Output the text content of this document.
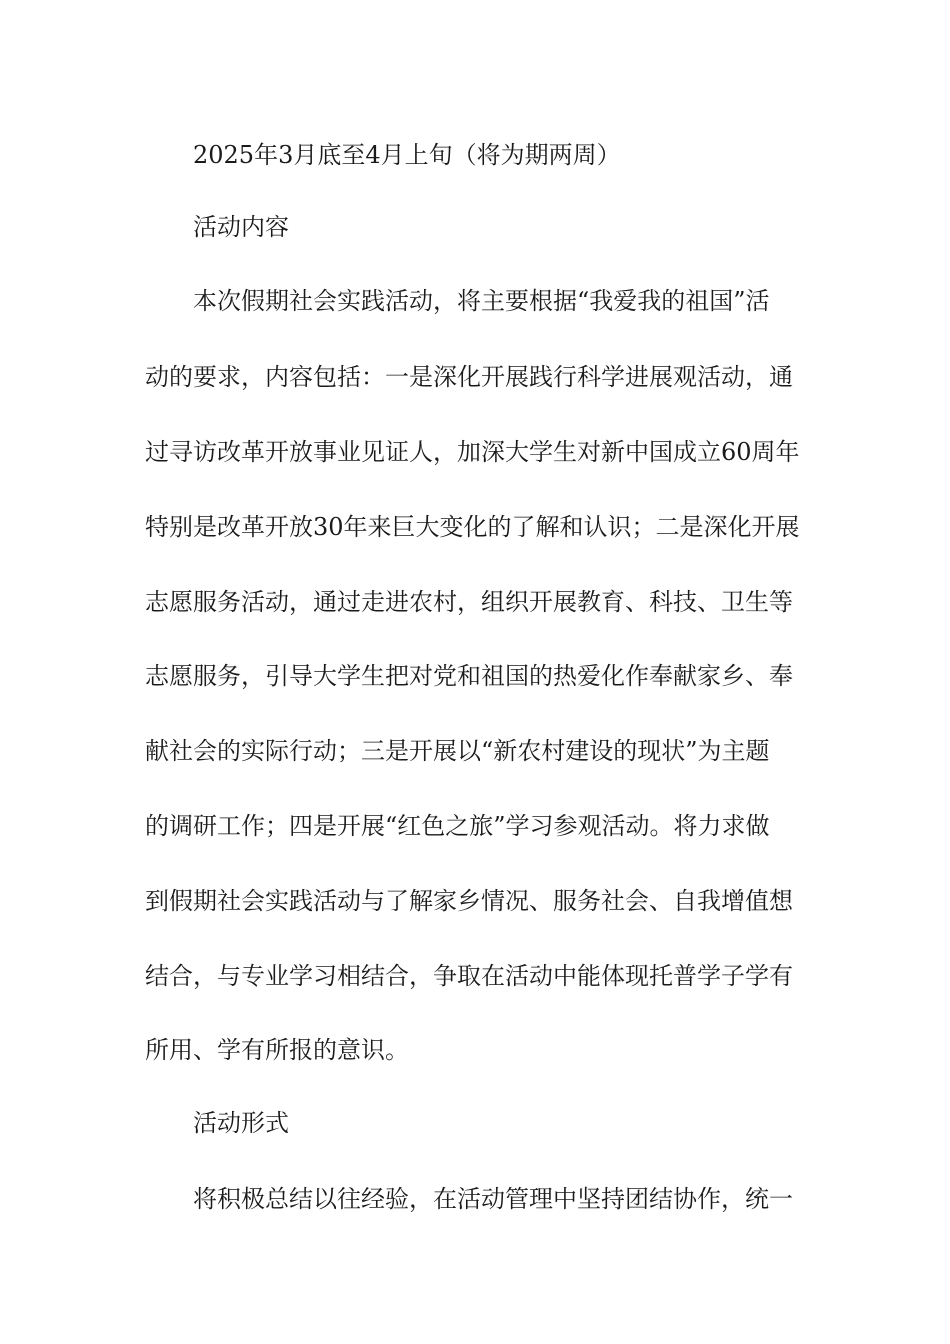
2025年3月底至4月上旬（将为期两周）
活动内容
本次假期社会实践活动，将主要根据“我爱我的祖国”活
动的要求，内容包括：一是深化开展践行科学进展观活动，通
过寻访改革开放事业见证人，加深大学生对新中国成立60周年
特别是改革开放30年来巨大变化的了解和认识；二是深化开展
志愿服务活动，通过走进农村，组织开展教育、科技、卫生等
志愿服务，引导大学生把对党和祖国的热爱化作奉献家乡、奉
献社会的实际行动；三是开展以“新农村建设的现状”为主题
的调研工作；四是开展“红色之旅”学习参观活动。将力求做
到假期社会实践活动与了解家乡情况、服务社会、自我增值想
结合，与专业学习相结合，争取在活动中能体现托普学子学有
所用、学有所报的意识。
活动形式
将积极总结以往经验，在活动管理中坚持团结协作，统一
